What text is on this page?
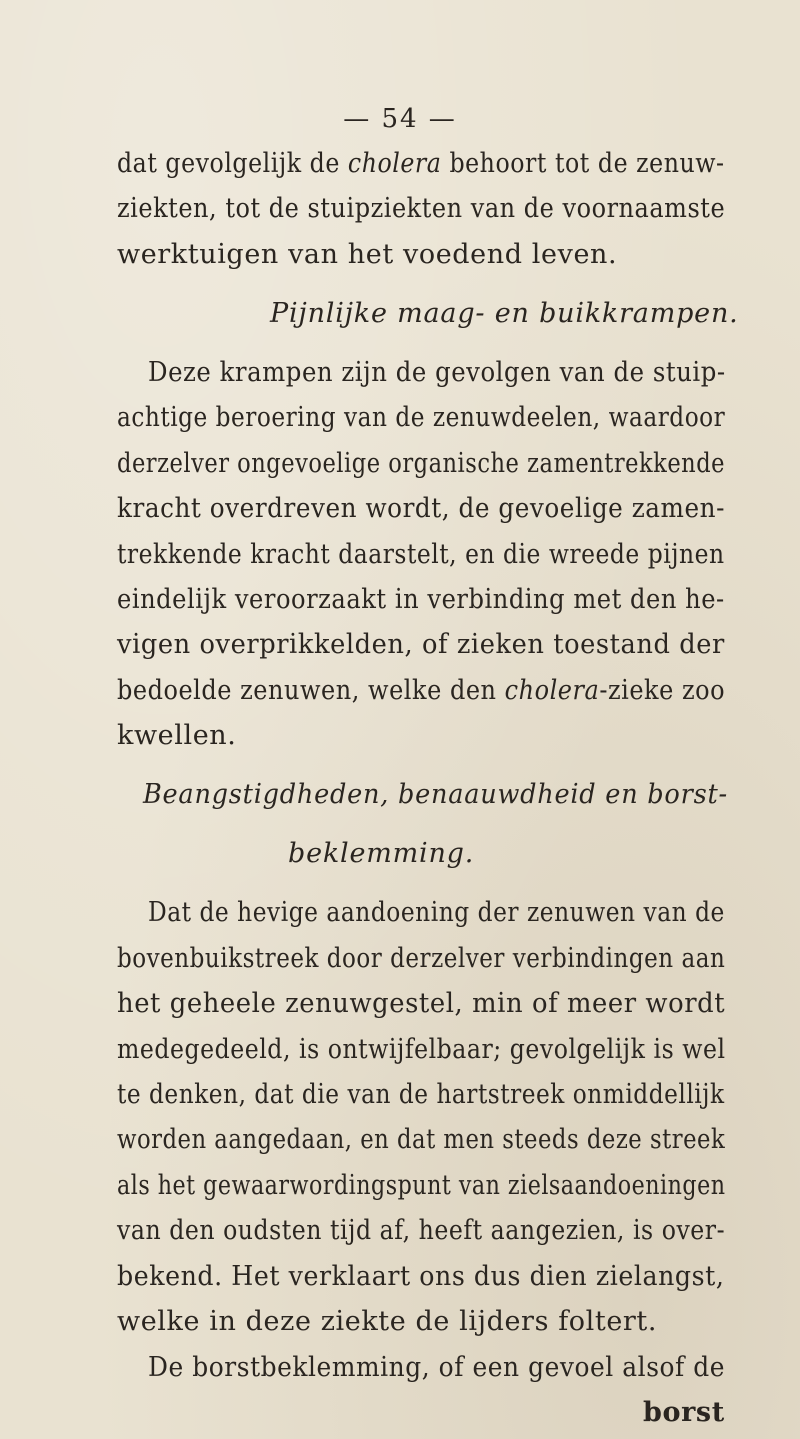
— 54 —
dat gevolgelijk de cholera behoort tot de zenuw-
ziekten, tot de stuipziekten van de voornaamste
werktuigen van het voedend leven.
Pijnlijke maag- en buikkrampen.
Deze krampen zijn de gevolgen van de stuip-
achtige beroering van de zenuwdeelen, waardoor
derzelver ongevoelige organische zamentrekkende
kracht overdreven wordt, de gevoelige zamen-
trekkende kracht daarstelt, en die wreede pijnen
eindelijk veroorzaakt in verbinding met den he-
vigen overprikkelden, of zieken toestand der
bedoelde zenuwen, welke den cholera-zieke zoo
kwellen.
Beangstigdheden, benaauwdheid en borst-
beklemming.
Dat de hevige aandoening der zenuwen van de
bovenbuikstreek door derzelver verbindingen aan
het geheele zenuwgestel, min of meer wordt
medegedeeld, is ontwijfelbaar; gevolgelijk is wel
te denken, dat die van de hartstreek onmiddellijk
worden aangedaan, en dat men steeds deze streek
als het gewaarwordingspunt van zielsaandoeningen
van den oudsten tijd af, heeft aangezien, is over-
bekend. Het verklaart ons dus dien zielangst,
welke in deze ziekte de lijders foltert.
De borstbeklemming, of een gevoel alsof de
borst
